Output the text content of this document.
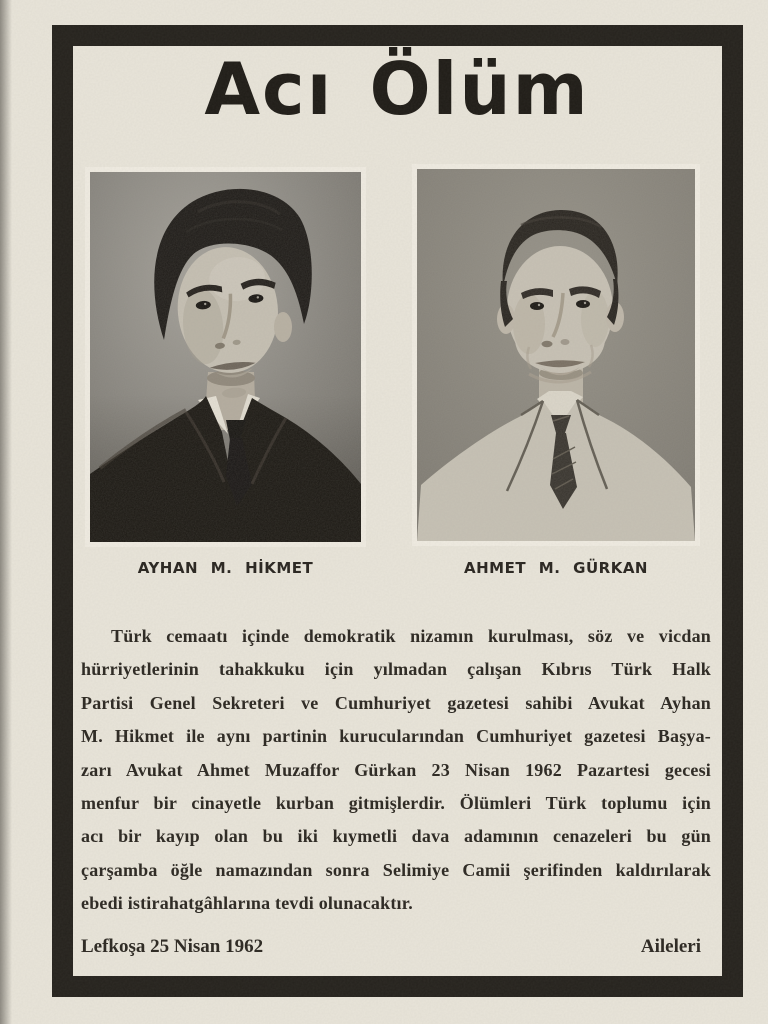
Acı Ölüm
AYHAN M. HİKMET	AHMET M. GÜRKAN
Türk cemaatı içinde demokratik nizamın kurulması, söz ve vicdan
hürriyetlerinin tahakkuku için yılmadan çalışan Kıbrıs Türk Halk
Partisi Genel Sekreteri ve Cumhuriyet gazetesi sahibi Avukat Ayhan
M. Hikmet ile aynı partinin kurucularından Cumhuriyet gazetesi Başya-
zarı Avukat Ahmet Muzaffor Gürkan 23 Nisan 1962 Pazartesi gecesi
menfur bir cinayetle kurban gitmişlerdir. Ölümleri Türk toplumu için
acı bir kayıp olan bu iki kıymetli dava adamının cenazeleri bu gün
çarşamba öğle namazından sonra Selimiye Camii şerifinden kaldırılarak
ebedi istirahatgâhlarına tevdi olunacaktır.
Lefkoşa 25 Nisan 1962	Aileleri
